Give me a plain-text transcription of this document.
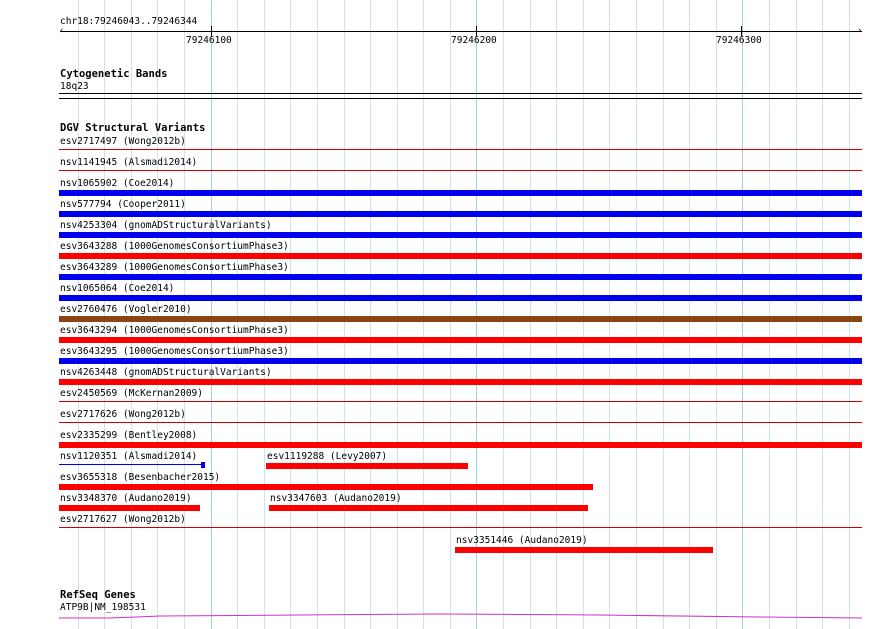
chr18:79246043..79246344
‹	›
79246100	79246200	79246300
Cytogenetic Bands
18q23
DGV Structural Variants
esv2717497 (Wong2012b)
nsv1141945 (Alsmadi2014)
nsv1065902 (Coe2014)
nsv577794 (Cooper2011)
nsv4253304 (gnomADStructuralVariants)
esv3643288 (1000GenomesConsortiumPhase3)
esv3643289 (1000GenomesConsortiumPhase3)
nsv1065064 (Coe2014)
esv2760476 (Vogler2010)
esv3643294 (1000GenomesConsortiumPhase3)
esv3643295 (1000GenomesConsortiumPhase3)
nsv4263448 (gnomADStructuralVariants)
esv2450569 (McKernan2009)
esv2717626 (Wong2012b)
esv2335299 (Bentley2008)
nsv1120351 (Alsmadi2014)	esv1119288 (Levy2007)
esv3655318 (Besenbacher2015)
nsv3348370 (Audano2019)	nsv3347603 (Audano2019)
esv2717627 (Wong2012b)
nsv3351446 (Audano2019)
RefSeq Genes
ATP9B|NM_198531
